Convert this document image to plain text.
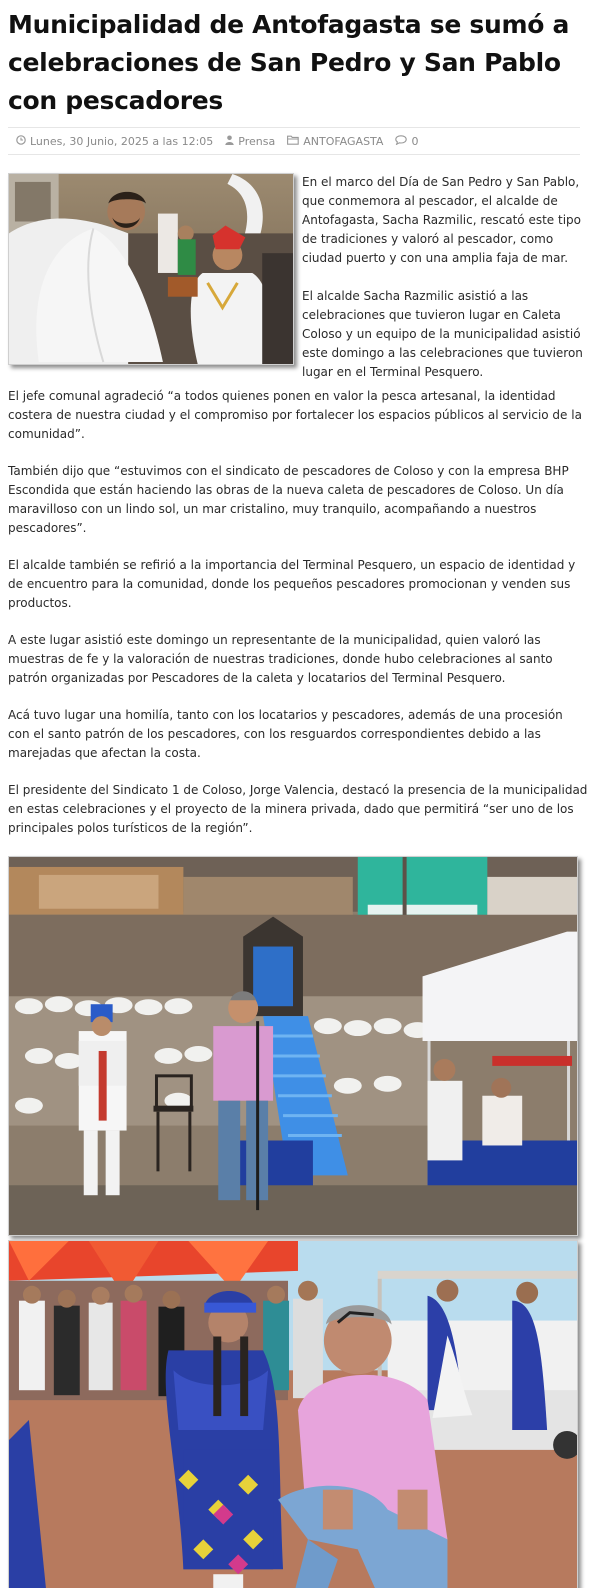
Municipalidad de Antofagasta se sumó a celebraciones de San Pedro y San Pablo con pescadores
Lunes, 30 Junio, 2025 a las 12:05 Prensa	ANTOFAGASTA	0

En el marco del Día de San Pedro y San Pablo, que conmemora al pescador, el alcalde de Antofagasta, Sacha Razmilic, rescató este tipo de tradiciones y valoró al pescador, como ciudad puerto y con una amplia faja de mar.

El alcalde Sacha Razmilic asistió a las celebraciones que tuvieron lugar en Caleta Coloso y un equipo de la municipalidad asistió este domingo a las celebraciones que tuvieron lugar en el Terminal Pesquero.

El jefe comunal agradeció “a todos quienes ponen en valor la pesca artesanal, la identidad costera de nuestra ciudad y el compromiso por fortalecer los espacios públicos al servicio de la comunidad”.

También dijo que “estuvimos con el sindicato de pescadores de Coloso y con la empresa BHP Escondida que están haciendo las obras de la nueva caleta de pescadores de Coloso. Un día maravilloso con un lindo sol, un mar cristalino, muy tranquilo, acompañando a nuestros pescadores”.

El alcalde también se refirió a la importancia del Terminal Pesquero, un espacio de identidad y de encuentro para la comunidad, donde los pequeños pescadores promocionan y venden sus productos.

A este lugar asistió este domingo un representante de la municipalidad, quien valoró las muestras de fe y la valoración de nuestras tradiciones, donde hubo celebraciones al santo patrón organizadas por Pescadores de la caleta y locatarios del Terminal Pesquero.

Acá tuvo lugar una homilía, tanto con los locatarios y pescadores, además de una procesión con el santo patrón de los pescadores, con los resguardos correspondientes debido a las marejadas que afectan la costa.

El presidente del Sindicato 1 de Coloso, Jorge Valencia, destacó la presencia de la municipalidad en estas celebraciones y el proyecto de la minera privada, dado que permitirá “ser uno de los principales polos turísticos de la región”.
